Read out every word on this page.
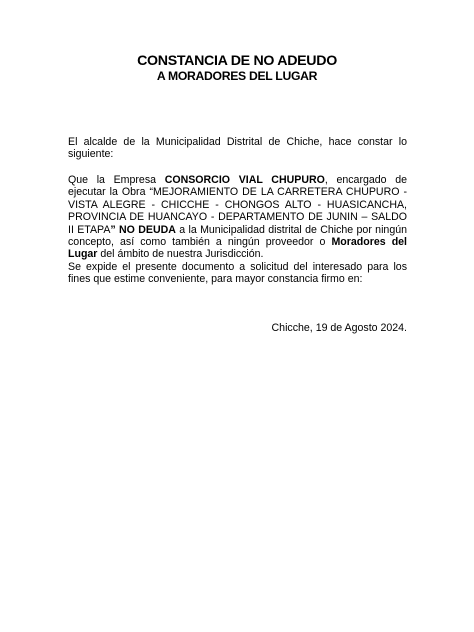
CONSTANCIA DE NO ADEUDO
A MORADORES DEL LUGAR

El alcalde de la Municipalidad Distrital de Chiche, hace constar lo siguiente:

Que la Empresa CONSORCIO VIAL CHUPURO, encargado de ejecutar la Obra “MEJORAMIENTO DE LA CARRETERA CHUPURO - VISTA ALEGRE - CHICCHE - CHONGOS ALTO - HUASICANCHA, PROVINCIA DE HUANCAYO - DEPARTAMENTO DE JUNIN – SALDO II ETAPA” NO DEUDA a la Municipalidad distrital de Chiche por ningún concepto, así como también a ningún proveedor o Moradores del Lugar del ámbito de nuestra Jurisdicción.

Se expide el presente documento a solicitud del interesado para los fines que estime conveniente, para mayor constancia firmo en:

Chicche, 19 de Agosto 2024.
